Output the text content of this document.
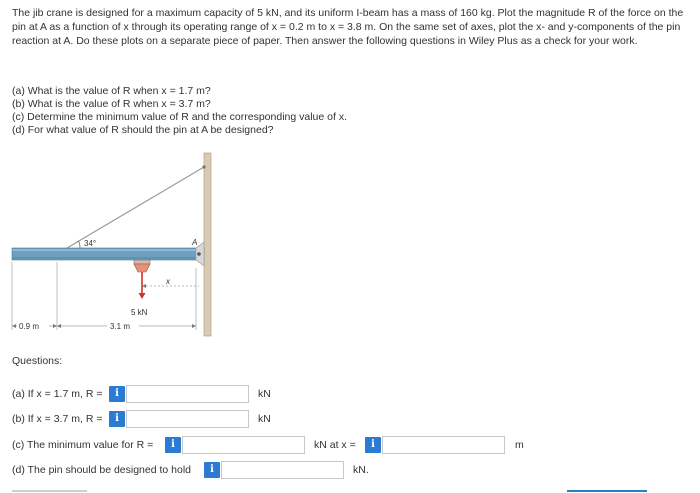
The jib crane is designed for a maximum capacity of 5 kN, and its uniform I-beam has a mass of 160 kg. Plot the magnitude R of the force on the pin at A as a function of x through its operating range of x = 0.2 m to x = 3.8 m. On the same set of axes, plot the x- and y-components of the pin reaction at A. Do these plots on a separate piece of paper. Then answer the following questions in Wiley Plus as a check for your work.

(a) What is the value of R when x = 1.7 m?
(b) What is the value of R when x = 3.7 m?
(c) Determine the minimum value of R and the corresponding value of x.
(d) For what value of R should the pin at A be designed?
A
34°
5 kN
x
0.9 m	3.1 m
Questions:
(a) If x = 1.7 m, R =	i	kN
(b) If x = 3.7 m, R =	i	kN
(c) The minimum value for R =	i	kN at x =	i	m
(d) The pin should be designed to hold	i	kN.
